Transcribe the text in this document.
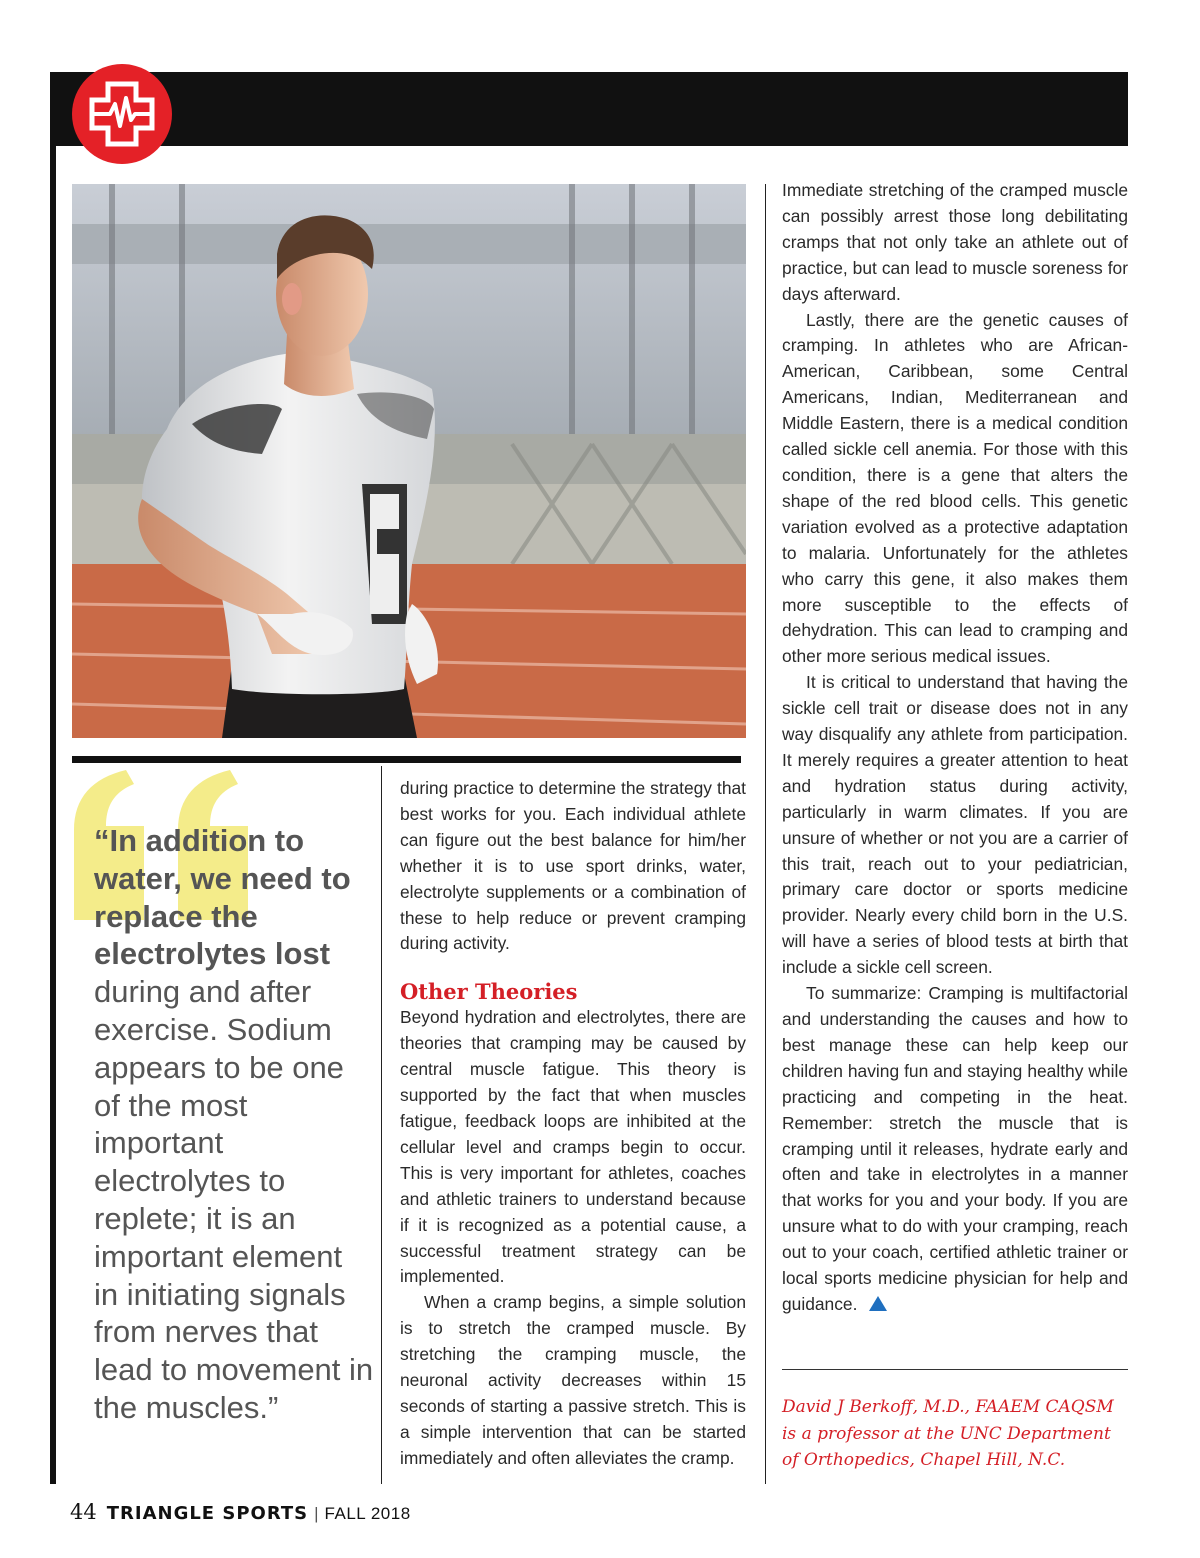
“In addition to water, we need to replace the electrolytes lost during and after exercise. Sodium appears to be one of the most important electrolytes to replete; it is an important element in initiating signals from nerves that lead to movement in the muscles.”

during practice to determine the strategy that best works for you. Each individual athlete can figure out the best balance for him/her whether it is to use sport drinks, water, electrolyte supplements or a combination of these to help reduce or prevent cramping during activity.

Other Theories

Beyond hydration and electrolytes, there are theories that cramping may be caused by central muscle fatigue. This theory is supported by the fact that when muscles fatigue, feedback loops are inhibited at the cellular level and cramps begin to occur. This is very important for athletes, coaches and athletic trainers to understand because if it is recognized as a potential cause, a successful treatment strategy can be implemented.

When a cramp begins, a simple solution is to stretch the cramped muscle. By stretching the cramping muscle, the neuronal activity decreases within 15 seconds of starting a passive stretch. This is a simple intervention that can be started immediately and often alleviates the cramp.

Immediate stretching of the cramped muscle can possibly arrest those long debilitating cramps that not only take an athlete out of practice, but can lead to muscle soreness for days afterward.

Lastly, there are the genetic causes of cramping. In athletes who are African-American, Caribbean, some Central Americans, Indian, Mediterranean and Middle Eastern, there is a medical condition called sickle cell anemia. For those with this condition, there is a gene that alters the shape of the red blood cells. This genetic variation evolved as a protective adaptation to malaria. Unfortunately for the athletes who carry this gene, it also makes them more susceptible to the effects of dehydration. This can lead to cramping and other more serious medical issues.

It is critical to understand that having the sickle cell trait or disease does not in any way disqualify any athlete from participation. It merely requires a greater attention to heat and hydration status during activity, particularly in warm climates. If you are unsure of whether or not you are a carrier of this trait, reach out to your pediatrician, primary care doctor or sports medicine provider. Nearly every child born in the U.S. will have a series of blood tests at birth that include a sickle cell screen.

To summarize: Cramping is multifactorial and understanding the causes and how to best manage these can help keep our children having fun and staying healthy while practicing and competing in the heat. Remember: stretch the muscle that is cramping until it releases, hydrate early and often and take in electrolytes in a manner that works for you and your body. If you are unsure what to do with your cramping, reach out to your coach, certified athletic trainer or local sports medicine physician for help and guidance.

David J Berkoff, M.D., FAAEM CAQSM is a professor at the UNC Department of Orthopedics, Chapel Hill, N.C.

44 TRIANGLE SPORTS | FALL 2018
